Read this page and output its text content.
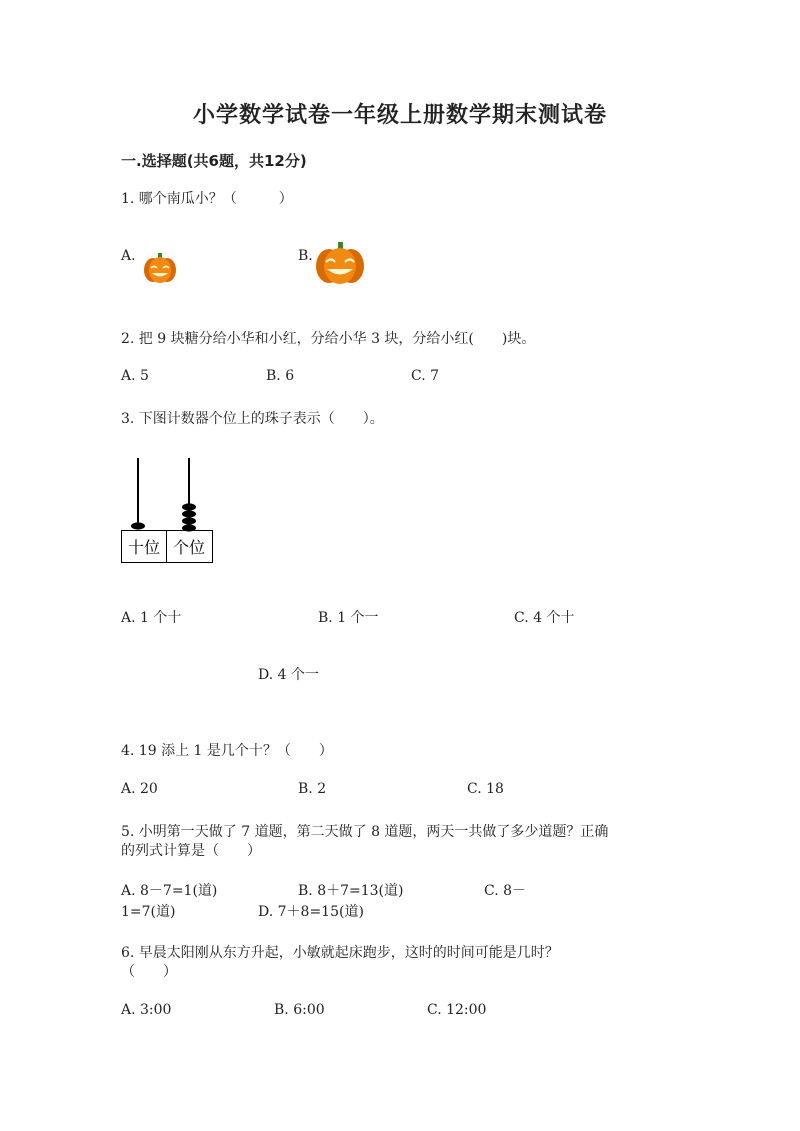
小学数学试卷一年级上册数学期末测试卷
一.选择题(共6题，共12分)
1. 哪个南瓜小？（　　　）
A.	B.
2. 把 9 块糖分给小华和小红，分给小华 3 块，分给小红(　　)块。
A. 5	B. 6	C. 7
3. 下图计数器个位上的珠子表示（　　）。
十位 个位
A. 1 个十	B. 1 个一	C. 4 个十
D. 4 个一
4. 19 添上 1 是几个十？（　　）
A. 20	B. 2	C. 18
5. 小明第一天做了 7 道题，第二天做了 8 道题，两天一共做了多少道题？正确
的列式计算是（　　）
A. 8－7=1(道)	B. 8＋7=13(道)	C. 8－
1=7(道)	D. 7＋8=15(道)
6. 早晨太阳刚从东方升起，小敏就起床跑步，这时的时间可能是几时？
（　　）
A. 3:00	B. 6:00	C. 12:00
